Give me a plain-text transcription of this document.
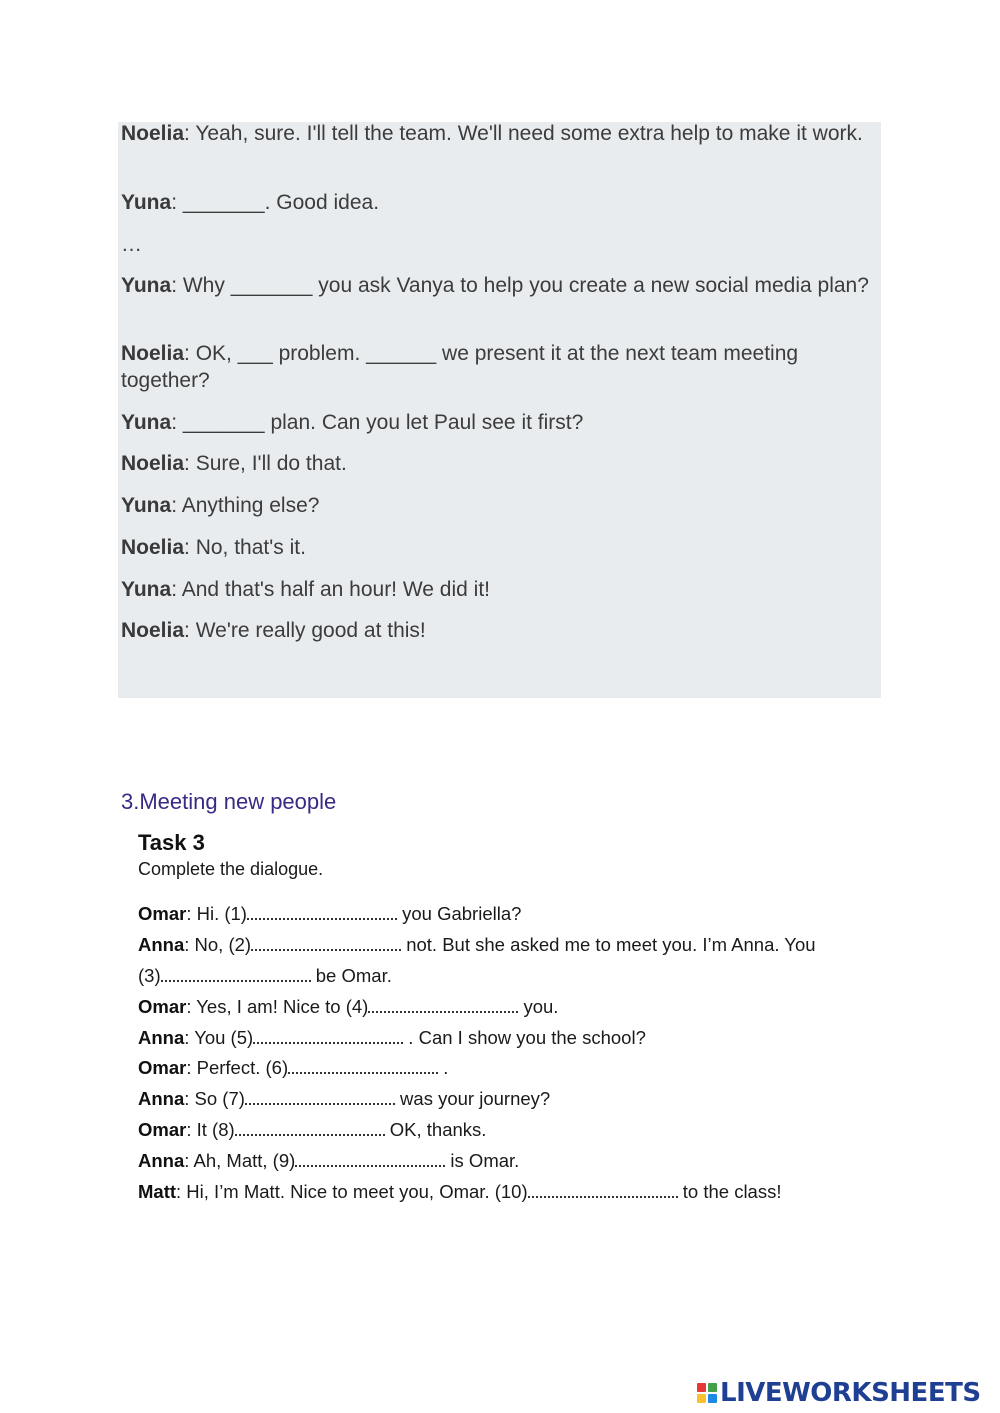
Noelia: Yeah, sure. I'll tell the team. We'll need some extra help to make it work.

Yuna: _______. Good idea.

…

Yuna: Why _______ you ask Vanya to help you create a new social media plan?

Noelia: OK, ___ problem. ______ we present it at the next team meeting together?

Yuna: _______ plan. Can you let Paul see it first?

Noelia: Sure, I'll do that.

Yuna: Anything else?

Noelia: No, that's it.

Yuna: And that's half an hour! We did it!

Noelia: We're really good at this!

3.Meeting new people
Task 3

Complete the dialogue.

Omar: Hi. (1)	you Gabriella?

Anna: No, (2)	not. But she asked me to meet you. I’m Anna. You

(3)	be Omar.

Omar: Yes, I am! Nice to (4)	you.

Anna: You (5)	. Can I show you the school?

Omar: Perfect. (6)	.

Anna: So (7)	was your journey?

Omar: It (8)	OK, thanks.

Anna: Ah, Matt, (9)	is Omar.

Matt: Hi, I’m Matt. Nice to meet you, Omar. (10)	to the class!

LIVEWORKSHEETS
